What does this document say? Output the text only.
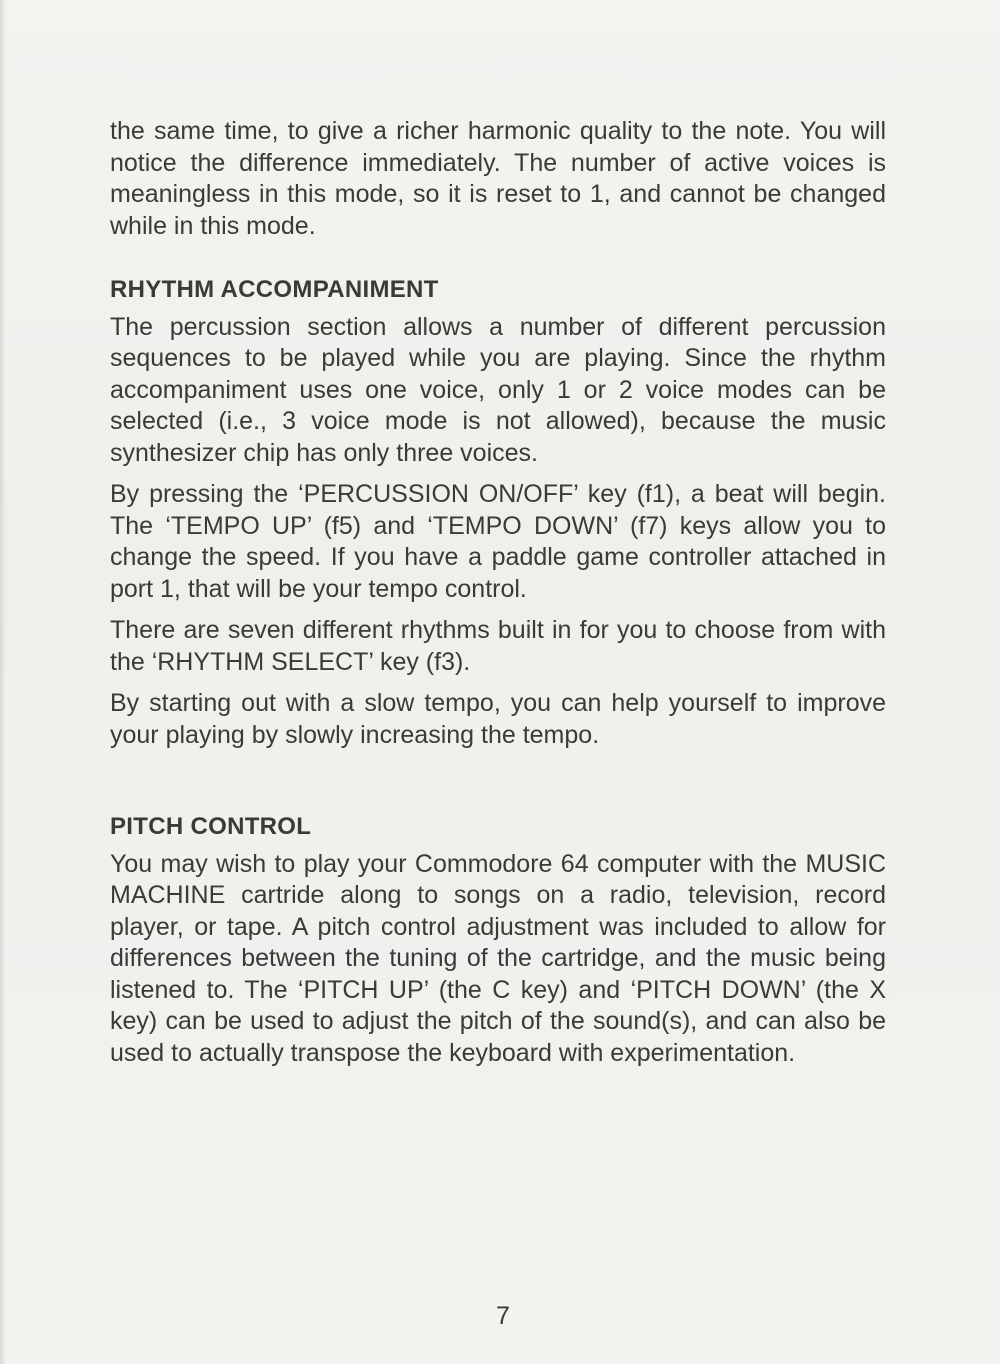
the same time, to give a richer harmonic quality to the note. You will notice the difference immediately. The number of active voices is meaningless in this mode, so it is reset to 1, and cannot be changed while in this mode.

RHYTHM ACCOMPANIMENT

The percussion section allows a number of different percussion sequences to be played while you are playing. Since the rhythm accompaniment uses one voice, only 1 or 2 voice modes can be selected (i.e., 3 voice mode is not allowed), because the music synthesizer chip has only three voices.

By pressing the ‘PERCUSSION ON/OFF’ key (f1), a beat will begin. The ‘TEMPO UP’ (f5) and ‘TEMPO DOWN’ (f7) keys allow you to change the speed. If you have a paddle game controller attached in port 1, that will be your tempo control.

There are seven different rhythms built in for you to choose from with the ‘RHYTHM SELECT’ key (f3).

By starting out with a slow tempo, you can help yourself to improve your playing by slowly increasing the tempo.

PITCH CONTROL

You may wish to play your Commodore 64 computer with the MUSIC MACHINE cartride along to songs on a radio, television, record player, or tape. A pitch control adjustment was included to allow for differences between the tuning of the cartridge, and the music being listened to. The ‘PITCH UP’ (the C key) and ‘PITCH DOWN’ (the X key) can be used to adjust the pitch of the sound(s), and can also be used to actually transpose the keyboard with experimentation.

7
